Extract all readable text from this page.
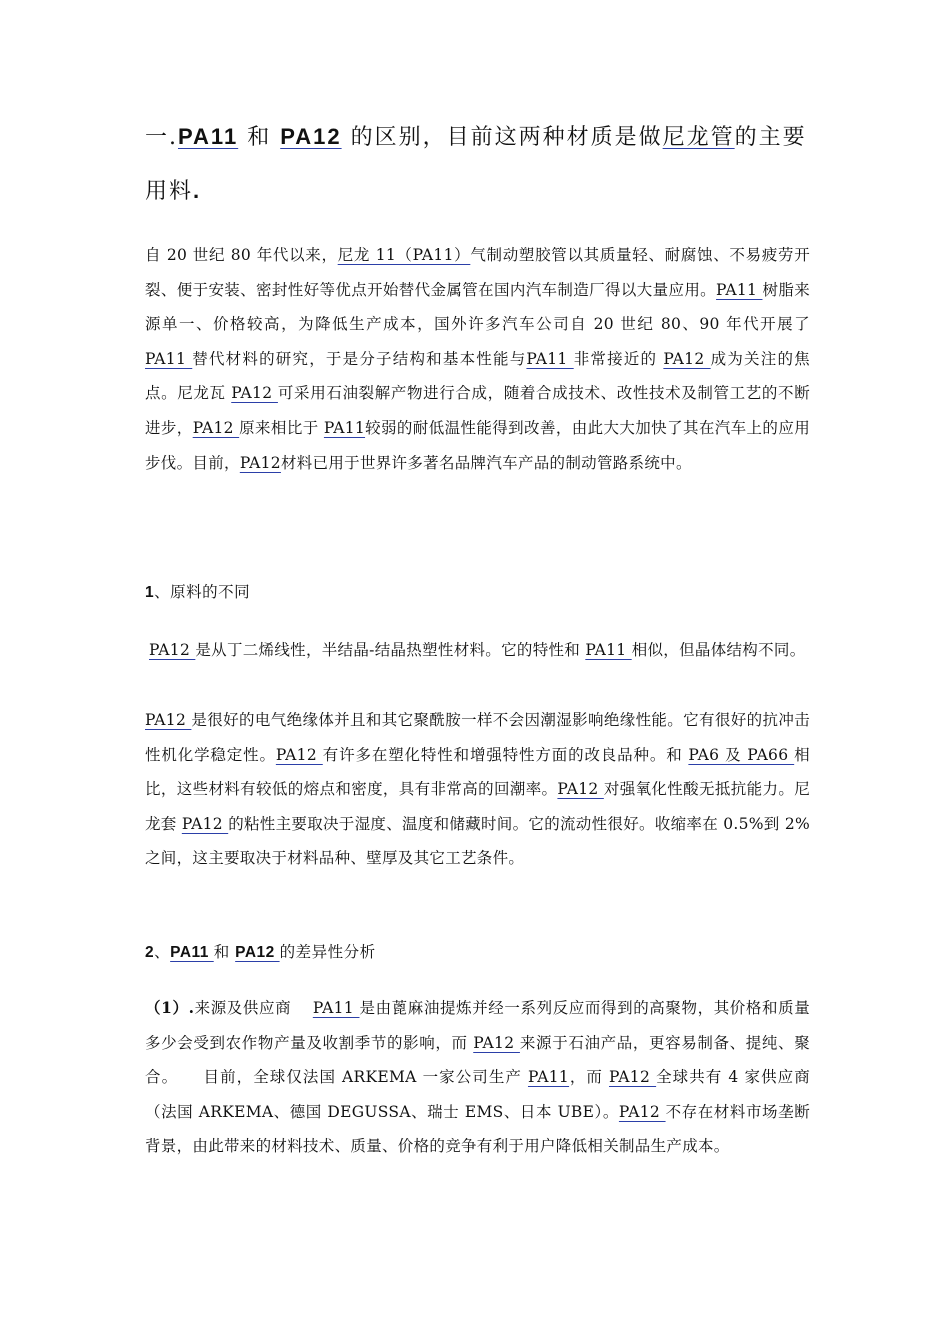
一.PA11 和 PA12 的区别，目前这两种材质是做尼龙管的主要用料.
自 20 世纪 80 年代以来，尼龙 11（PA11）气制动塑胶管以其质量轻、耐腐蚀、不易疲劳开裂、便于安装、密封性好等优点开始替代金属管在国内汽车制造厂得以大量应用。PA11 树脂来源单一、价格较高，为降低生产成本，国外许多汽车公司自 20 世纪 80、90 年代开展了 PA11 替代材料的研究，于是分子结构和基本性能与PA11 非常接近的 PA12 成为关注的焦点。尼龙瓦 PA12 可采用石油裂解产物进行合成，随着合成技术、改性技术及制管工艺的不断进步，PA12 原来相比于 PA11较弱的耐低温性能得到改善，由此大大加快了其在汽车上的应用步伐。目前，PA12材料已用于世界许多著名品牌汽车产品的制动管路系统中。
1、原料的不同
PA12 是从丁二烯线性，半结晶-结晶热塑性材料。它的特性和 PA11 相似，但晶体结构不同。
PA12 是很好的电气绝缘体并且和其它聚酰胺一样不会因潮湿影响绝缘性能。它有很好的抗冲击性机化学稳定性。PA12 有许多在塑化特性和增强特性方面的改良品种。和 PA6 及 PA66 相比，这些材料有较低的熔点和密度，具有非常高的回潮率。PA12 对强氧化性酸无抵抗能力。尼龙套 PA12 的粘性主要取决于湿度、温度和储藏时间。它的流动性很好。收缩率在 0.5%到 2%之间，这主要取决于材料品种、壁厚及其它工艺条件。
2、PA11 和 PA12 的差异性分析
（1）.来源及供应商　 PA11 是由蓖麻油提炼并经一系列反应而得到的高聚物，其价格和质量多少会受到农作物产量及收割季节的影响，而 PA12 来源于石油产品，更容易制备、提纯、聚合。　　目前，全球仅法国 ARKEMA 一家公司生产 PA11，而 PA12 全球共有 4 家供应商（法国 ARKEMA、德国 DEGUSSA、瑞士 EMS、日本 UBE）。PA12 不存在材料市场垄断背景，由此带来的材料技术、质量、价格的竞争有利于用户降低相关制品生产成本。
